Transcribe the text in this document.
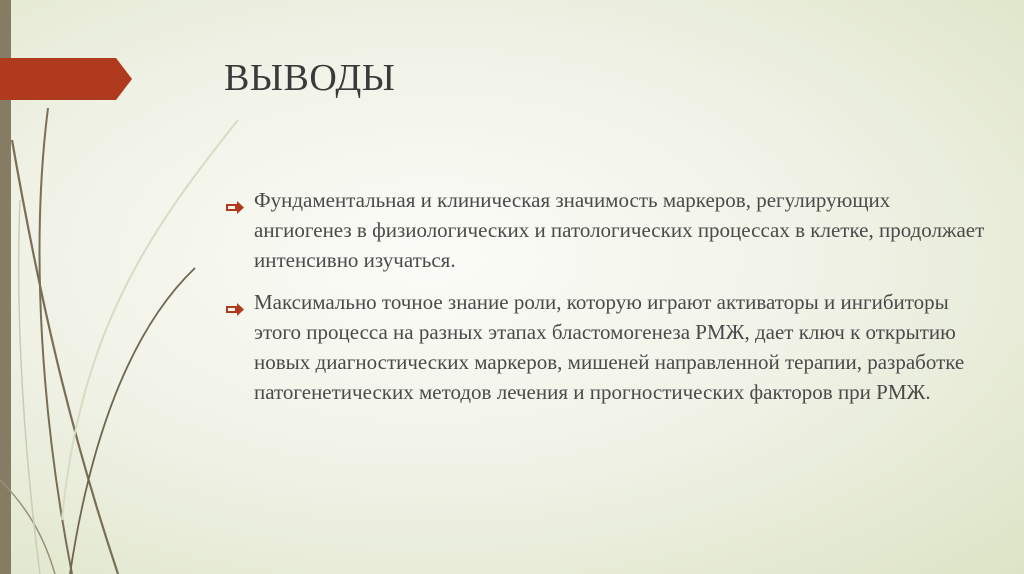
ВЫВОДЫ
Фундаментальная и клиническая значимость маркеров, регулирующих ангиогенез в физиологических и патологических процессах в клетке, продолжает интенсивно изучаться.
Максимально точное знание роли, которую играют активаторы и ингибиторы этого процесса на разных этапах бластомогенеза РМЖ, дает ключ к открытию новых диагностических маркеров, мишеней направленной терапии, разработке патогенетических методов лечения и прогностических факторов при РМЖ.
